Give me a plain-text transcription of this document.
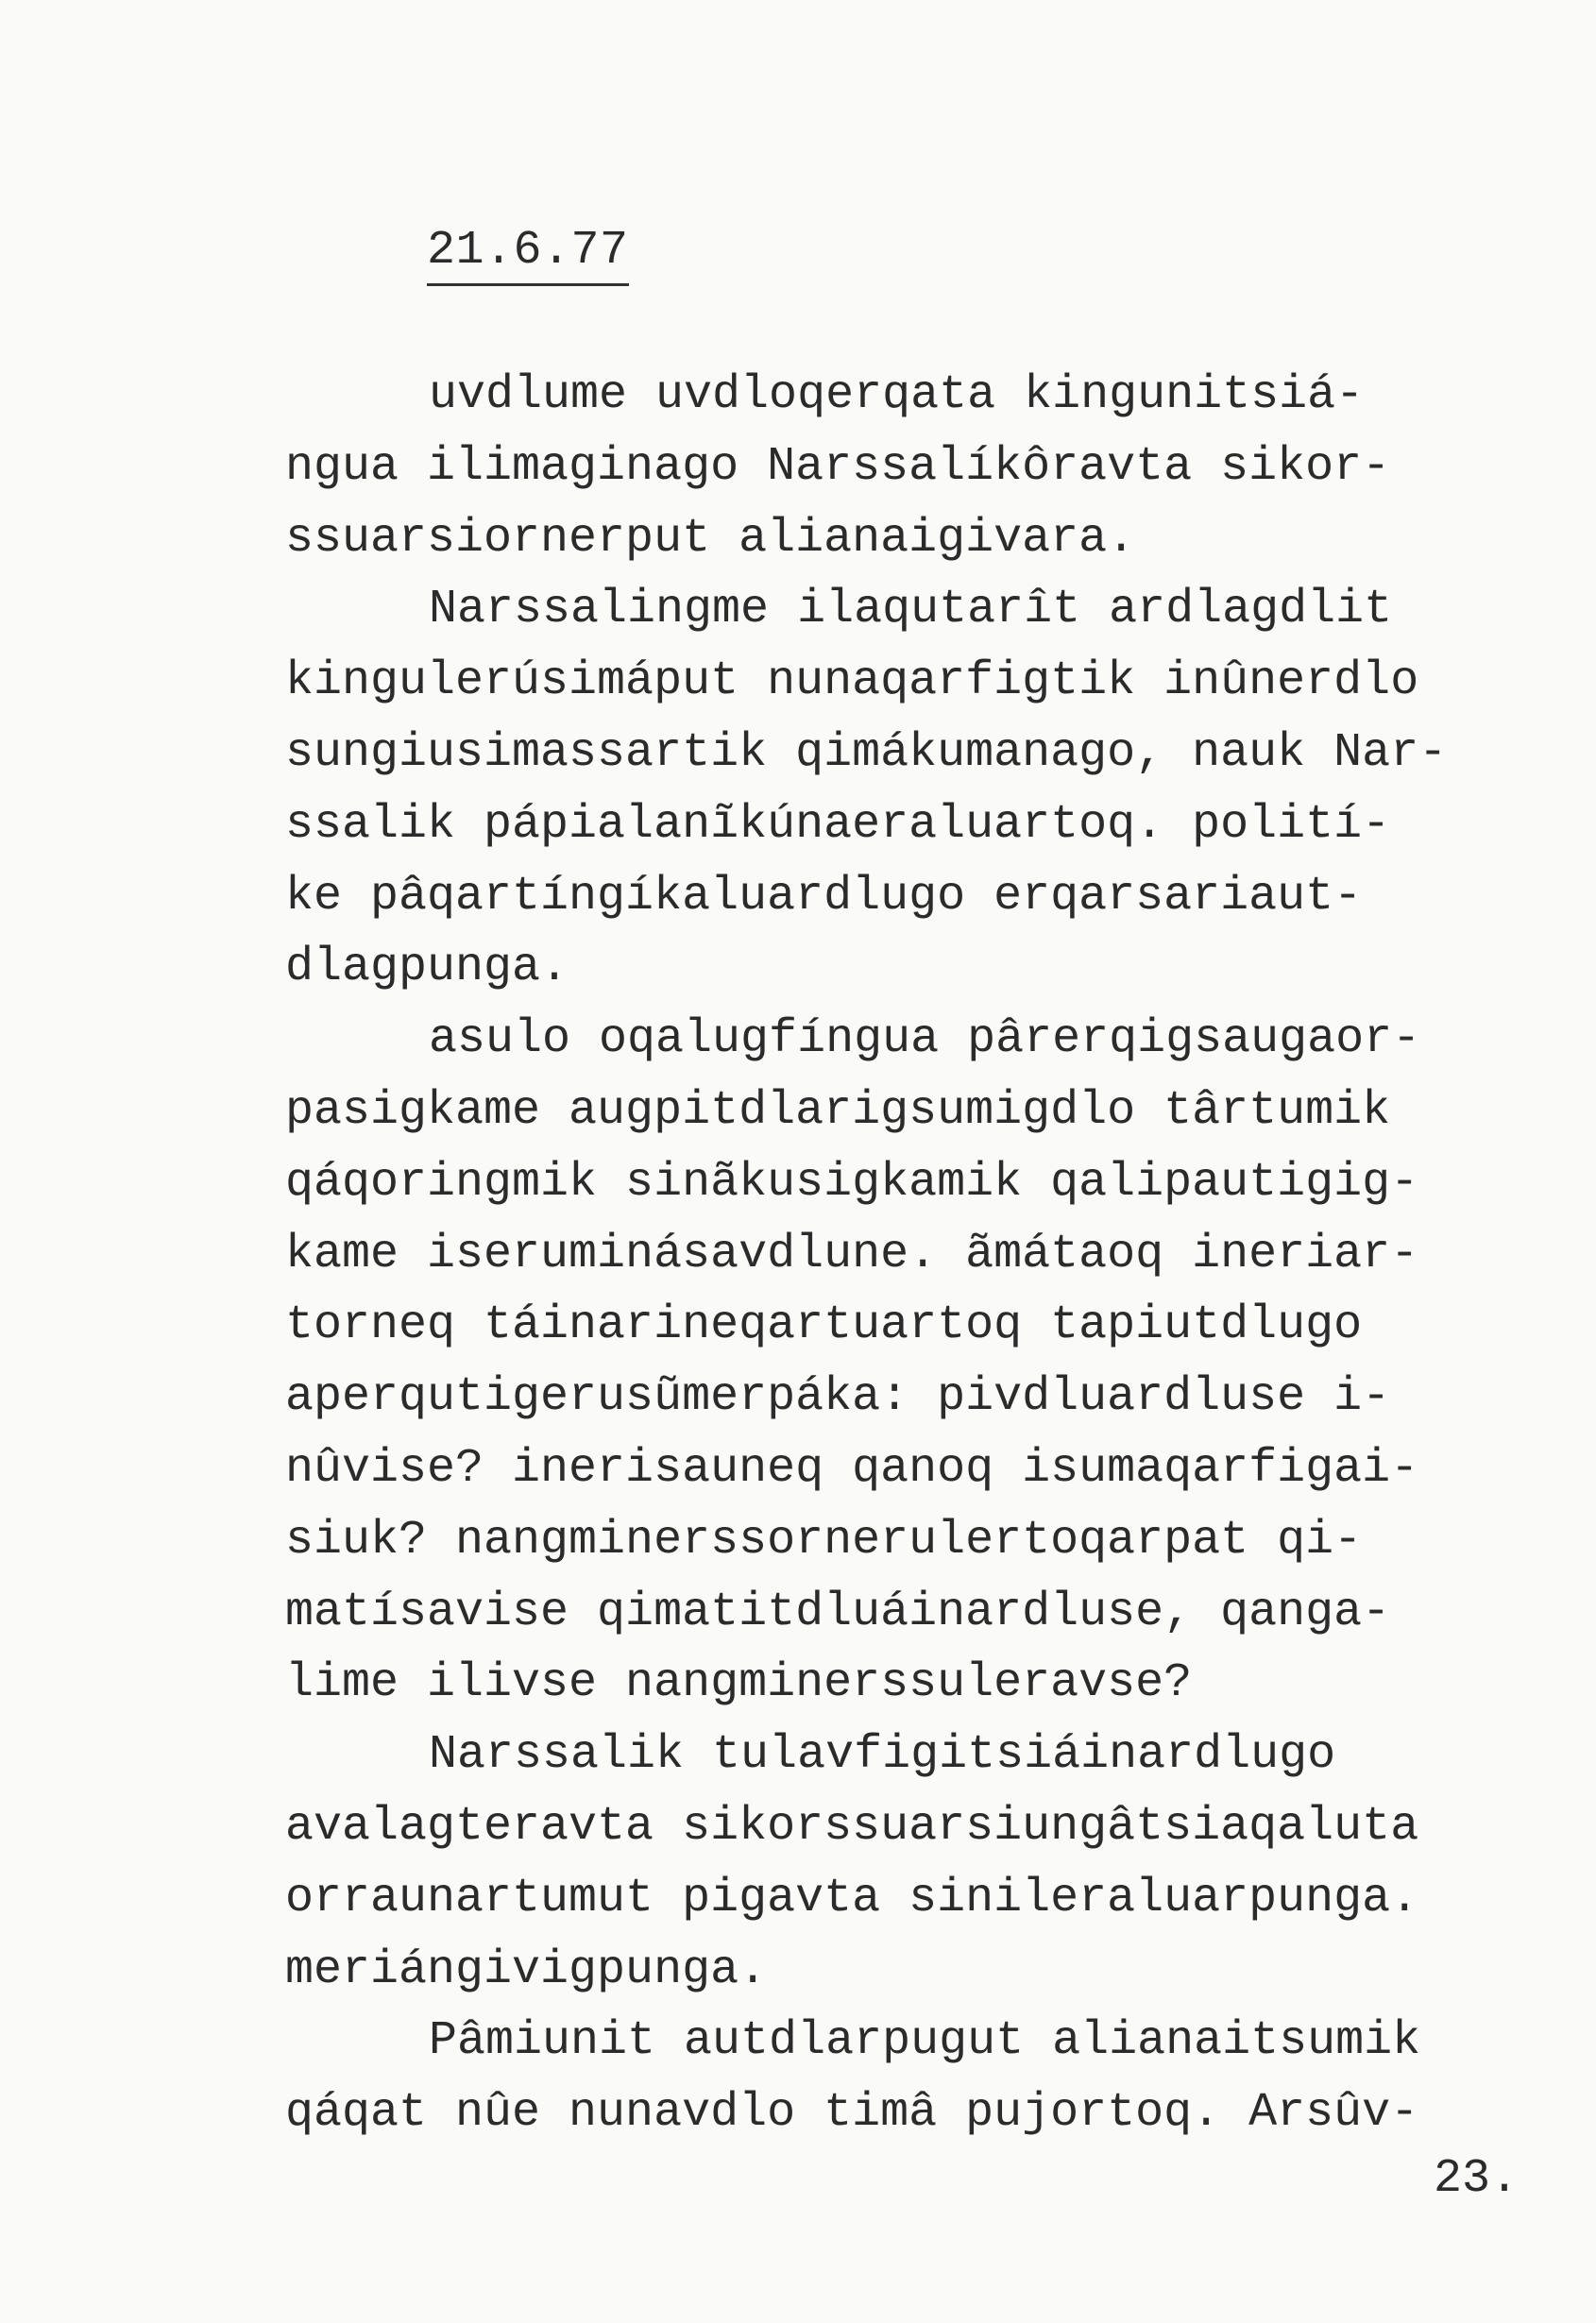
21.6.77
uvdlume uvdloqerqata kingunitsiá-
ngua ilimaginago Narssalíkôravta sikor-
ssuarsiornerput alianaigivara.
Narssalingme ilaqutarît ardlagdlit
kingulerúsimáput nunaqarfigtik inûnerdlo
sungiusimassartik qimákumanago, nauk Nar-
ssalik pápialanĩkúnaeraluartoq. polití-
ke pâqartíngíkaluardlugo erqarsariaut-
dlagpunga.
asulo oqalugfíngua pârerqigsaugaor-
pasigkame augpitdlarigsumigdlo târtumik
qáqoringmik sinãkusigkamik qalipautigig-
kame iseruminásavdlune. ãmátaoq ineriar-
torneq táinarineqartuartoq tapiutdlugo
aperqutigerusũmerpáka: pivdluardluse i-
nûvise? inerisauneq qanoq isumaqarfigai-
siuk? nangminerssornerulertoqarpat qi-
matísavise qimatitdluáinardluse, qanga-
lime ilivse nangminerssuleravse?
Narssalik tulavfigitsiáinardlugo
avalagteravta sikorssuarsiungâtsiaqaluta
orraunartumut pigavta sinileraluarpunga.
meriángivigpunga.
Pâmiunit autdlarpugut alianaitsumik
qáqat nûe nunavdlo timâ pujortoq. Arsûv-
23.
